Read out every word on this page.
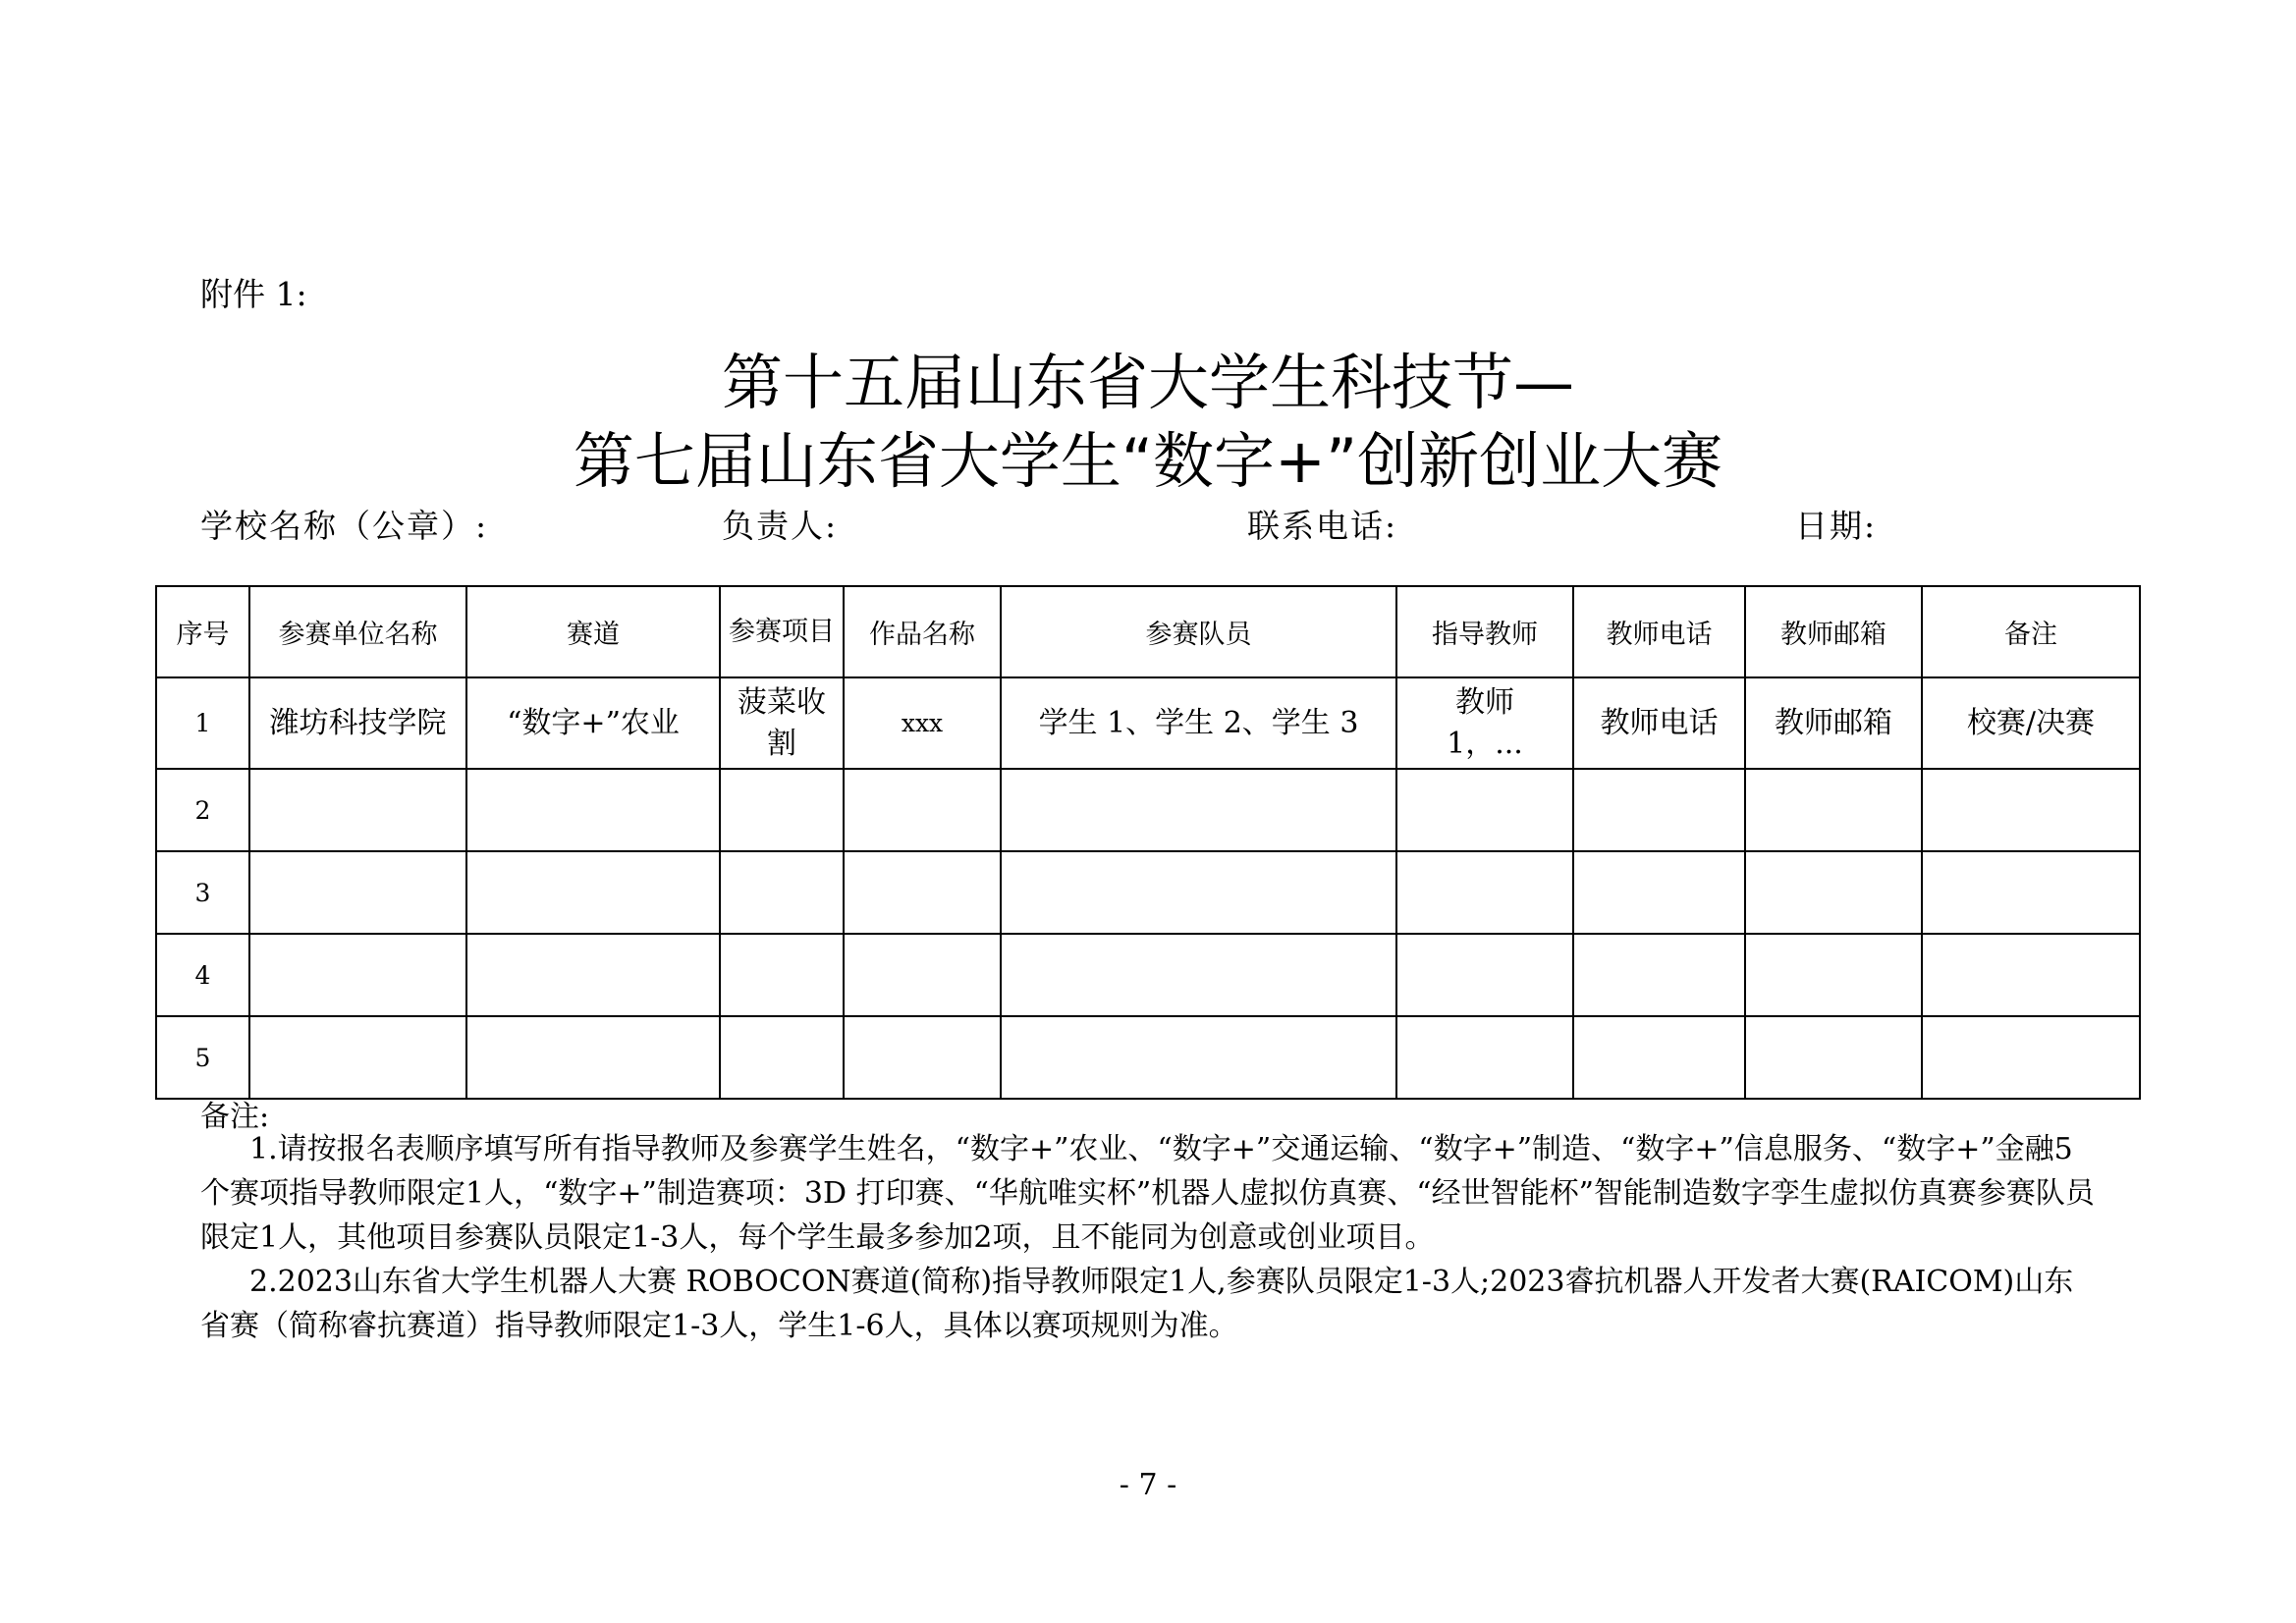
附件 1:
第十五届山东省大学生科技节—
第七届山东省大学生“数字+”创新创业大赛
学校名称（公章）:	负责人:	联系电话:	日期:
序号	参赛单位名称	赛道	参赛项目	作品名称	参赛队员	指导教师	教师电话	教师邮箱	备注
1	潍坊科技学院	“数字+”农业	菠菜收割	xxx	学生 1、学生 2、学生 3	教师1，...	教师电话	教师邮箱	校赛/决赛
2									
3									
4									
5									
备注:

1.请按报名表顺序填写所有指导教师及参赛学生姓名，“数字+”农业、“数字+”交通运输、“数字+”制造、“数字+”信息服务、“数字+”金融5个赛项指导教师限定1人，“数字+”制造赛项：3D 打印赛、“华航唯实杯”机器人虚拟仿真赛、“经世智能杯”智能制造数字孪生虚拟仿真赛参赛队员限定1人，其他项目参赛队员限定1-3人，每个学生最多参加2项，且不能同为创意或创业项目。

2.2023山东省大学生机器人大赛 ROBOCON赛道(简称)指导教师限定1人,参赛队员限定1-3人;2023睿抗机器人开发者大赛(RAICOM)山东省赛（简称睿抗赛道）指导教师限定1-3人，学生1-6人，具体以赛项规则为准。

- 7 -
